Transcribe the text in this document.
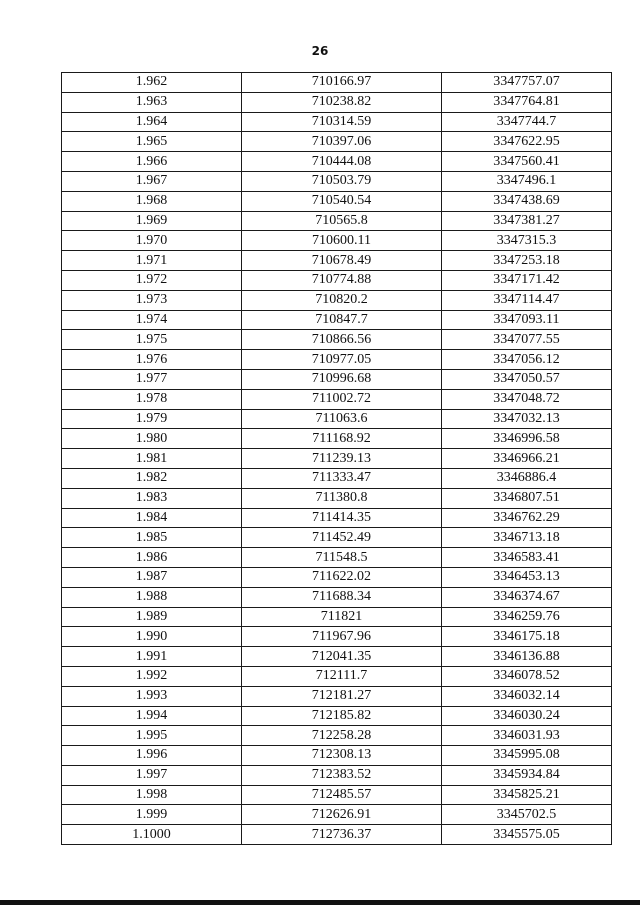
26
1.962	710166.97	3347757.07
1.963	710238.82	3347764.81
1.964	710314.59	3347744.7
1.965	710397.06	3347622.95
1.966	710444.08	3347560.41
1.967	710503.79	3347496.1
1.968	710540.54	3347438.69
1.969	710565.8	3347381.27
1.970	710600.11	3347315.3
1.971	710678.49	3347253.18
1.972	710774.88	3347171.42
1.973	710820.2	3347114.47
1.974	710847.7	3347093.11
1.975	710866.56	3347077.55
1.976	710977.05	3347056.12
1.977	710996.68	3347050.57
1.978	711002.72	3347048.72
1.979	711063.6	3347032.13
1.980	711168.92	3346996.58
1.981	711239.13	3346966.21
1.982	711333.47	3346886.4
1.983	711380.8	3346807.51
1.984	711414.35	3346762.29
1.985	711452.49	3346713.18
1.986	711548.5	3346583.41
1.987	711622.02	3346453.13
1.988	711688.34	3346374.67
1.989	711821	3346259.76
1.990	711967.96	3346175.18
1.991	712041.35	3346136.88
1.992	712111.7	3346078.52
1.993	712181.27	3346032.14
1.994	712185.82	3346030.24
1.995	712258.28	3346031.93
1.996	712308.13	3345995.08
1.997	712383.52	3345934.84
1.998	712485.57	3345825.21
1.999	712626.91	3345702.5
1.1000	712736.37	3345575.05
